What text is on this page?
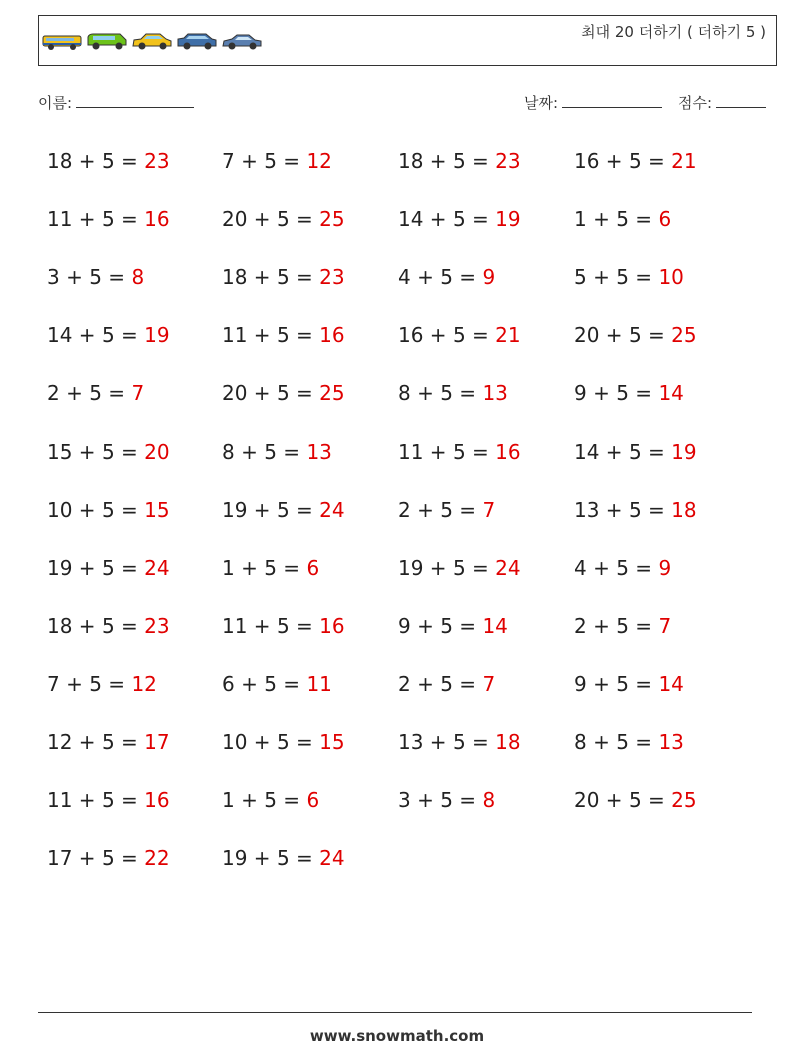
최대 20 더하기 ( 더하기 5 )
이름:	날짜:	점수:
18 + 5 = 23	7 + 5 = 12	18 + 5 = 23	16 + 5 = 21
11 + 5 = 16	20 + 5 = 25	14 + 5 = 19	1 + 5 = 6
3 + 5 = 8	18 + 5 = 23	4 + 5 = 9	5 + 5 = 10
14 + 5 = 19	11 + 5 = 16	16 + 5 = 21	20 + 5 = 25
2 + 5 = 7	20 + 5 = 25	8 + 5 = 13	9 + 5 = 14
15 + 5 = 20	8 + 5 = 13	11 + 5 = 16	14 + 5 = 19
10 + 5 = 15	19 + 5 = 24	2 + 5 = 7	13 + 5 = 18
19 + 5 = 24	1 + 5 = 6	19 + 5 = 24	4 + 5 = 9
18 + 5 = 23	11 + 5 = 16	9 + 5 = 14	2 + 5 = 7
7 + 5 = 12	6 + 5 = 11	2 + 5 = 7	9 + 5 = 14
12 + 5 = 17	10 + 5 = 15	13 + 5 = 18	8 + 5 = 13
11 + 5 = 16	1 + 5 = 6	3 + 5 = 8	20 + 5 = 25
17 + 5 = 22	19 + 5 = 24
www.snowmath.com
